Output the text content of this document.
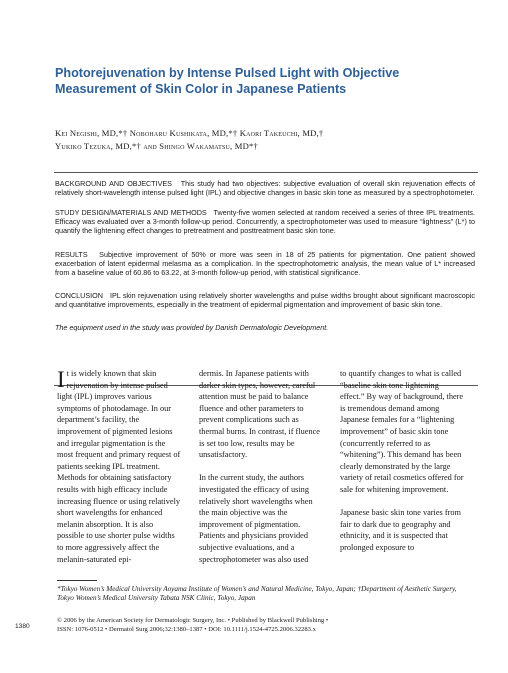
Photorejuvenation by Intense Pulsed Light with Objective Measurement of Skin Color in Japanese Patients
Kei Negishi, MD,*† Noboharu Kushikata, MD,*† Kaori Takeuchi, MD,†
Yukiko Tezuka, MD,*† and Shingo Wakamatsu, MD*†

BACKGROUND AND OBJECTIVES This study had two objectives: subjective evaluation of overall skin rejuvenation effects of relatively short-wavelength intense pulsed light (IPL) and objective changes in basic skin tone as measured by a spectrophotometer.

STUDY DESIGN/MATERIALS AND METHODS Twenty-five women selected at random received a series of three IPL treatments. Efficacy was evaluated over a 3-month follow-up period. Concurrently, a spectrophotometer was used to measure “lightness” (L*) to quantify the lightening effect changes to pretreatment and posttreatment basic skin tone.

RESULTS Subjective improvement of 50% or more was seen in 18 of 25 patients for pigmentation. One patient showed exacerbation of latent epidermal melasma as a complication. In the spectrophotometric analysis, the mean value of L* increased from a baseline value of 60.86 to 63.22, at 3-month follow-up period, with statistical significance.

CONCLUSION IPL skin rejuvenation using relatively shorter wavelengths and pulse widths brought about significant macroscopic and quantitative improvements, especially in the treatment of epidermal pigmentation and improvement of basic skin tone.

The equipment used in the study was provided by Danish Dermatologic Development.

It is widely known that skin rejuvenation by intense pulsed light (IPL) improves various symptoms of photodamage. In our department’s facility, the improvement of pigmented lesions and irregular pigmentation is the most frequent and primary request of patients seeking IPL treatment. Methods for obtaining satisfactory results with high efficacy include increasing fluence or using relatively short wavelengths for enhanced melanin absorption. It is also possible to use shorter pulse widths to more aggressively affect the melanin-saturated epi-

dermis. In Japanese patients with darker skin types, however, careful attention must be paid to balance fluence and other parameters to prevent complications such as thermal burns. In contrast, if fluence is set too low, results may be unsatisfactory.

In the current study, the authors investigated the efficacy of using relatively short wavelengths when the main objective was the improvement of pigmentation. Patients and physicians provided subjective evaluations, and a spectrophotometer was also used

to quantify changes to what is called “baseline skin tone lightening effect.” By way of background, there is tremendous demand among Japanese females for a “lightening improvement” of basic skin tone (concurrently referred to as “whitening”). This demand has been clearly demonstrated by the large variety of retail cosmetics offered for sale for whitening improvement.

Japanese basic skin tone varies from fair to dark due to geography and ethnicity, and it is suspected that prolonged exposure to

*Tokyo Women’s Medical University Aoyama Institute of Women’s and Natural Medicine, Tokyo, Japan; †Department of Aesthetic Surgery, Tokyo Women’s Medical University Tabata NSK Clinic, Tokyo, Japan

© 2006 by the American Society for Dermatologic Surgery, Inc. • Published by Blackwell Publishing •
ISSN: 1076-0512 • Dermatol Surg 2006;32:1380–1387 • DOI: 10.1111/j.1524-4725.2006.32283.x

1380
